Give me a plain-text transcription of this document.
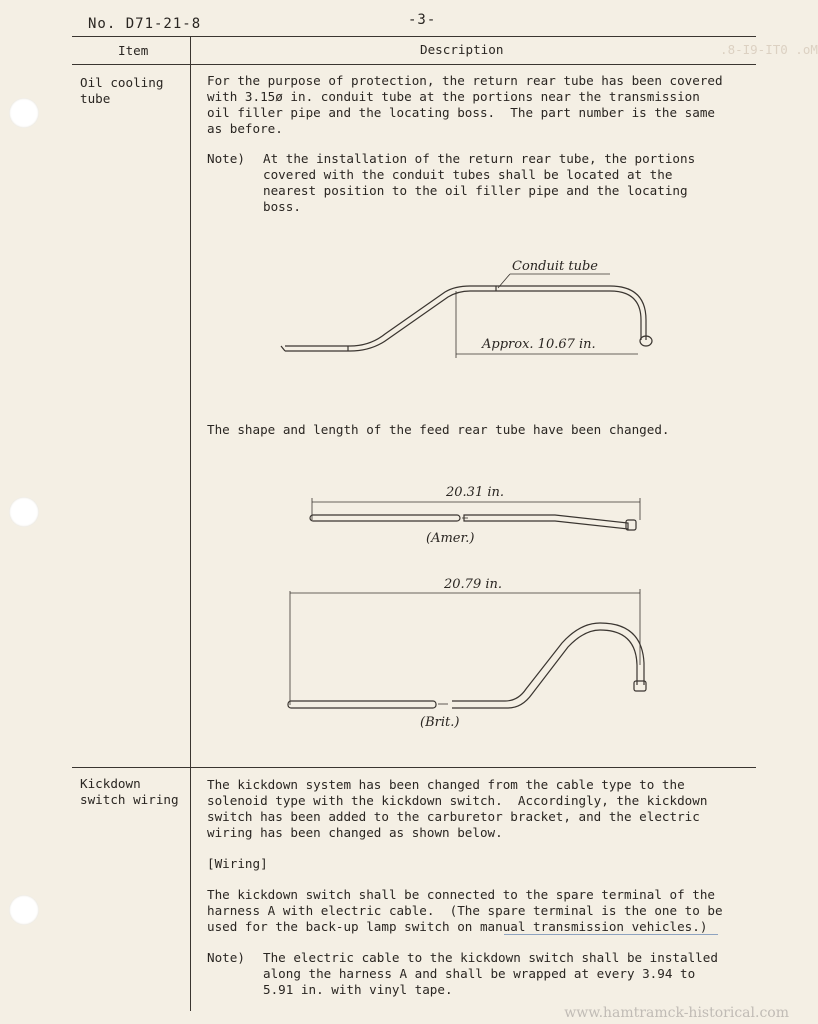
.8-I9-IT0 .oM
No. D71-21-8	-3-
Item	Description
Oil cooling
tube
For the purpose of protection, the return rear tube has been covered
with 3.15ø in. conduit tube at the portions near the transmission
oil filler pipe and the locating boss.  The part number is the same
as before.
Note) At the installation of the return rear tube, the portions
covered with the conduit tubes shall be located at the
nearest position to the oil filler pipe and the locating
boss.
Conduit tube
Approx. 10.67 in.
The shape and length of the feed rear tube have been changed.
20.31 in.
(Amer.)
20.79 in.
(Brit.)
Kickdown
switch wiring
The kickdown system has been changed from the cable type to the
solenoid type with the kickdown switch.  Accordingly, the kickdown
switch has been added to the carburetor bracket, and the electric
wiring has been changed as shown below.
[Wiring]
The kickdown switch shall be connected to the spare terminal of the
harness A with electric cable.  (The spare terminal is the one to be
used for the back-up lamp switch on manual transmission vehicles.)
Note) The electric cable to the kickdown switch shall be installed
along the harness A and shall be wrapped at every 3.94 to
5.91 in. with vinyl tape.
www.hamtramck-historical.com
